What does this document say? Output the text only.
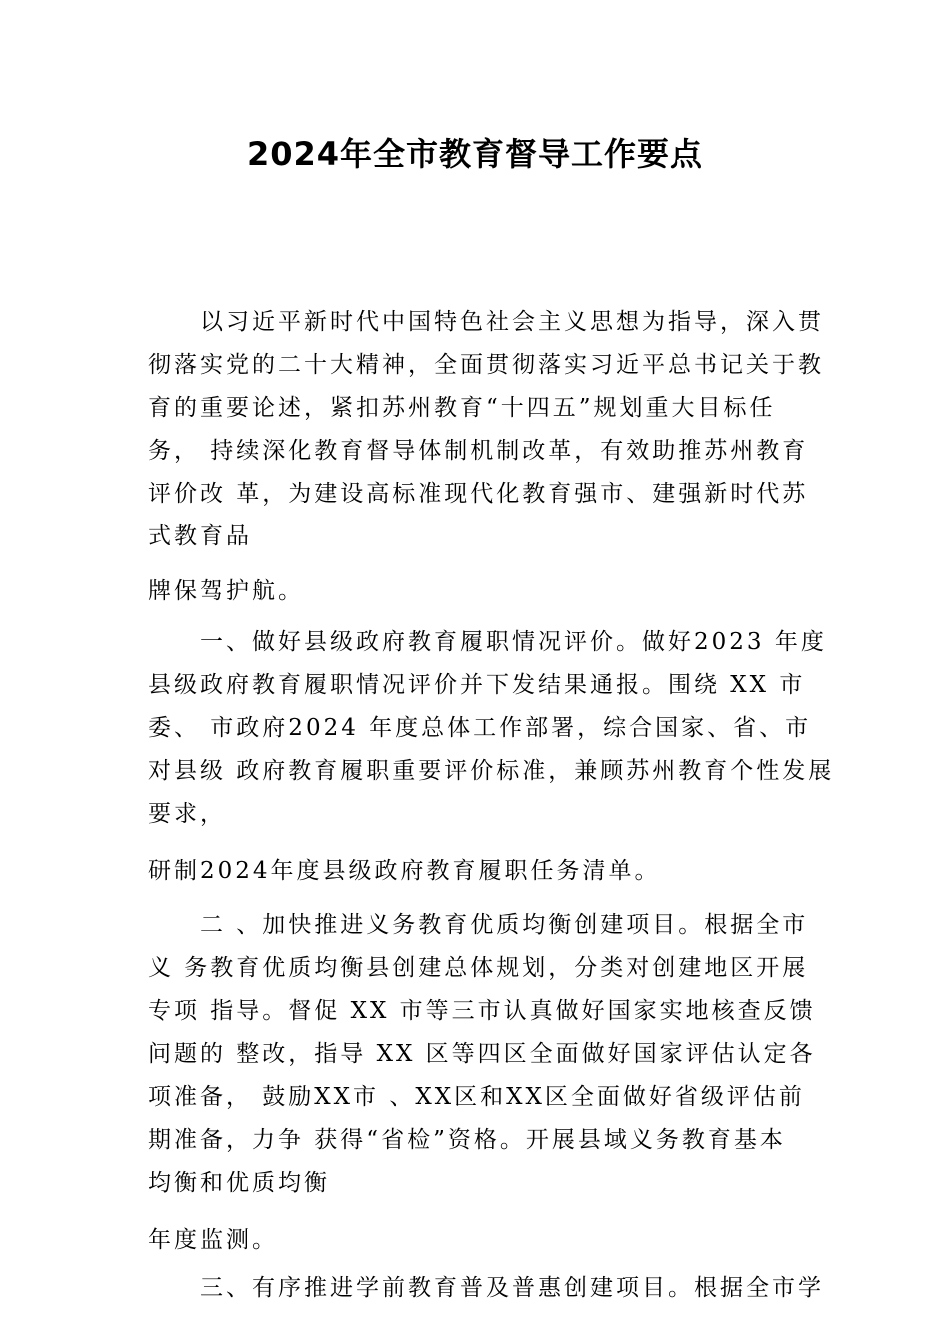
2024年全市教育督导工作要点
以习近平新时代中国特色社会主义思想为指导，深入贯
彻落实党的二十大精神，全面贯彻落实习近平总书记关于教
育的重要论述，紧扣苏州教育“十四五”规划重大目标任
务， 持续深化教育督导体制机制改革，有效助推苏州教育
评价改 革，为建设高标准现代化教育强市、建强新时代苏
式教育品
牌保驾护航。
一、做好县级政府教育履职情况评价。做好2023 年度
县级政府教育履职情况评价并下发结果通报。围绕 XX 市
委、 市政府2024 年度总体工作部署，综合国家、省、市
对县级 政府教育履职重要评价标准，兼顾苏州教育个性发展
要求，
研制2024年度县级政府教育履职任务清单。
二 、加快推进义务教育优质均衡创建项目。根据全市
义 务教育优质均衡县创建总体规划，分类对创建地区开展
专项 指导。督促 XX 市等三市认真做好国家实地核查反馈
问题的 整改，指导 XX 区等四区全面做好国家评估认定各
项准备， 鼓励XX市 、XX区和XX区全面做好省级评估前
期准备，力争 获得“省检”资格。开展县域义务教育基本
均衡和优质均衡
年度监测。
三、有序推进学前教育普及普惠创建项目。根据全市学
